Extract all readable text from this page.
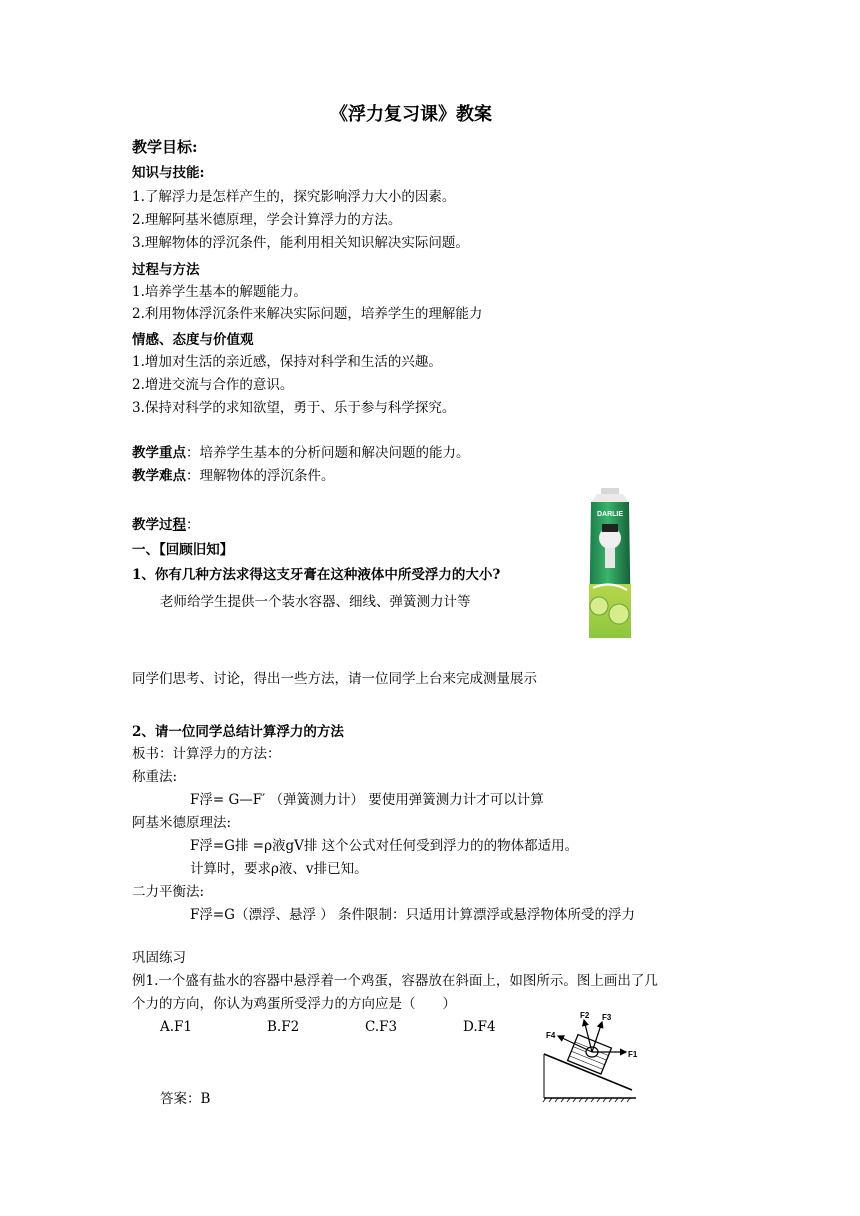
《浮力复习课》教案
教学目标:
知识与技能:
1.了解浮力是怎样产生的，探究影响浮力大小的因素。
2.理解阿基米德原理，学会计算浮力的方法。
3.理解物体的浮沉条件，能利用相关知识解决实际问题。
过程与方法
1.培养学生基本的解题能力。
2.利用物体浮沉条件来解决实际问题，培养学生的理解能力
情感、态度与价值观
1.增加对生活的亲近感，保持对科学和生活的兴趣。
2.增进交流与合作的意识。
3.保持对科学的求知欲望，勇于、乐于参与科学探究。
教学重点：培养学生基本的分析问题和解决问题的能力。
教学难点：理解物体的浮沉条件。
教学过程：
一、【回顾旧知】
1、你有几种方法求得这支牙膏在这种液体中所受浮力的大小?
老师给学生提供一个装水容器、细线、弹簧测力计等
DARLIE
同学们思考、讨论，得出一些方法，请一位同学上台来完成测量展示
2、请一位同学总结计算浮力的方法
板书：计算浮力的方法：
称重法:
F浮= G—F′ （弹簧测力计） 要使用弹簧测力计才可以计算
阿基米德原理法:
F浮=G排 =ρ液gV排 这个公式对任何受到浮力的的物体都适用。
计算时，要求ρ液、v排已知。
二力平衡法:
F浮=G（漂浮、悬浮 ） 条件限制：只适用计算漂浮或悬浮物体所受的浮力
巩固练习
例1.一个盛有盐水的容器中悬浮着一个鸡蛋，容器放在斜面上，如图所示。图上画出了几
个力的方向，你认为鸡蛋所受浮力的方向应是（　　）
A.F1	B.F2	C.F3	D.F4
F1
F2 F3
F4
答案：B
